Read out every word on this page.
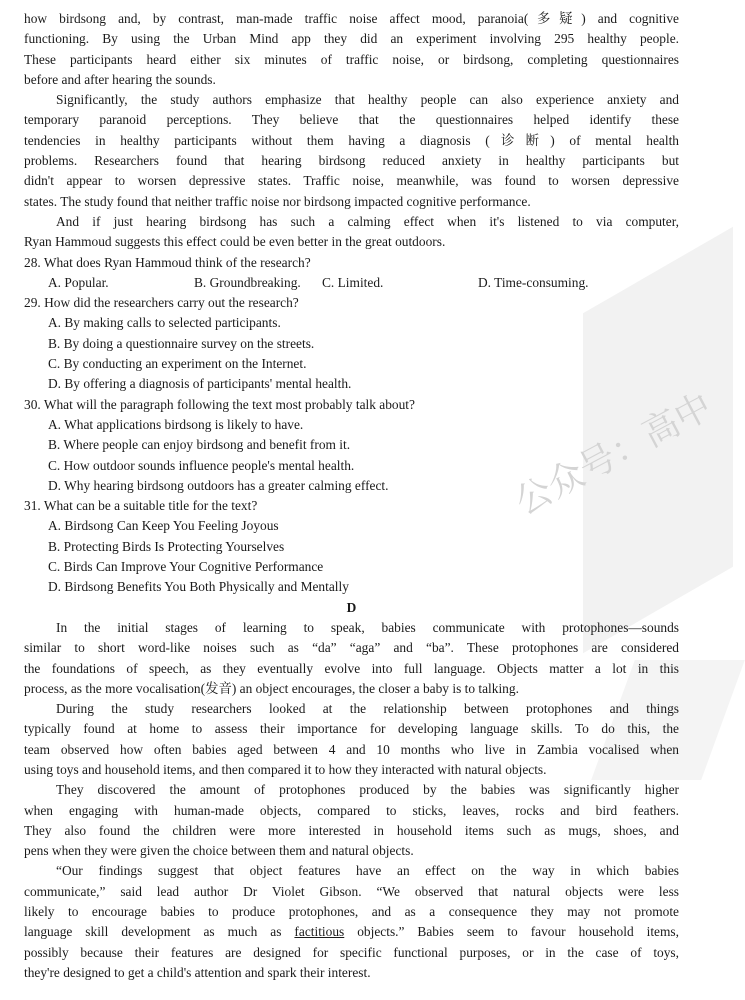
公众号：高中
how birdsong and, by contrast, man-made traffic noise affect mood, paranoia(多疑) and cognitive
functioning. By using the Urban Mind app they did an experiment involving 295 healthy people.
These participants heard either six minutes of traffic noise, or birdsong, completing questionnaires
before and after hearing the sounds.
Significantly, the study authors emphasize that healthy people can also experience anxiety and
temporary paranoid perceptions. They believe that the questionnaires helped identify these
tendencies in healthy participants without them having a diagnosis (诊断) of mental health
problems. Researchers found that hearing birdsong reduced anxiety in healthy participants but
didn't appear to worsen depressive states. Traffic noise, meanwhile, was found to worsen depressive
states. The study found that neither traffic noise nor birdsong impacted cognitive performance.
And if just hearing birdsong has such a calming effect when it's listened to via computer,
Ryan Hammoud suggests this effect could be even better in the great outdoors.
28. What does Ryan Hammoud think of the research?
A. Popular.	B. Groundbreaking.	C. Limited.	D. Time-consuming.
29. How did the researchers carry out the research?
A. By making calls to selected participants.
B. By doing a questionnaire survey on the streets.
C. By conducting an experiment on the Internet.
D. By offering a diagnosis of participants' mental health.
30. What will the paragraph following the text most probably talk about?
A. What applications birdsong is likely to have.
B. Where people can enjoy birdsong and benefit from it.
C. How outdoor sounds influence people's mental health.
D. Why hearing birdsong outdoors has a greater calming effect.
31. What can be a suitable title for the text?
A. Birdsong Can Keep You Feeling Joyous
B. Protecting Birds Is Protecting Yourselves
C. Birds Can Improve Your Cognitive Performance
D. Birdsong Benefits You Both Physically and Mentally
D
In the initial stages of learning to speak, babies communicate with protophones—sounds
similar to short word-like noises such as “da” “aga” and “ba”. These protophones are considered
the foundations of speech, as they eventually evolve into full language. Objects matter a lot in this
process, as the more vocalisation(发音) an object encourages, the closer a baby is to talking.
During the study researchers looked at the relationship between protophones and things
typically found at home to assess their importance for developing language skills. To do this, the
team observed how often babies aged between 4 and 10 months who live in Zambia vocalised when
using toys and household items, and then compared it to how they interacted with natural objects.
They discovered the amount of protophones produced by the babies was significantly higher
when engaging with human-made objects, compared to sticks, leaves, rocks and bird feathers.
They also found the children were more interested in household items such as mugs, shoes, and
pens when they were given the choice between them and natural objects.
“Our findings suggest that object features have an effect on the way in which babies
communicate,” said lead author Dr Violet Gibson. “We observed that natural objects were less
likely to encourage babies to produce protophones, and as a consequence they may not promote
language skill development as much as factitious objects.” Babies seem to favour household items,
possibly because their features are designed for specific functional purposes, or in the case of toys,
they're designed to get a child's attention and spark their interest.
